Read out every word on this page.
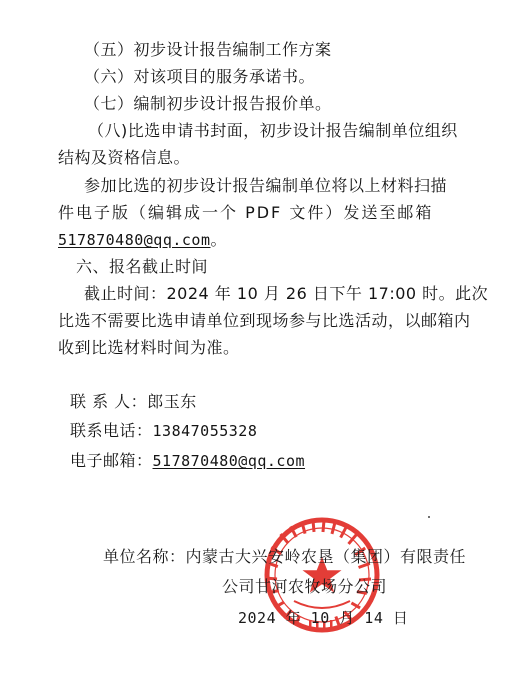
（五）初步设计报告编制工作方案
（六）对该项目的服务承诺书。
（七）编制初步设计报告报价单。
（八)比选申请书封面，初步设计报告编制单位组织
结构及资格信息。
参加比选的初步设计报告编制单位将以上材料扫描
件电子版（编辑成一个 PDF 文件）发送至邮箱
517870480@qq.com。
六、报名截止时间
截止时间：2024 年 10 月 26 日下午 17:00 时。此次
比选不需要比选申请单位到现场参与比选活动，以邮箱内
收到比选材料时间为准。
联 系 人：郎玉东
联系电话：13847055328
电子邮箱：517870480@qq.com
单位名称：内蒙古大兴安岭农垦（集团）有限责任
公司甘河农牧场分公司
2024 年 10 月 14 日
